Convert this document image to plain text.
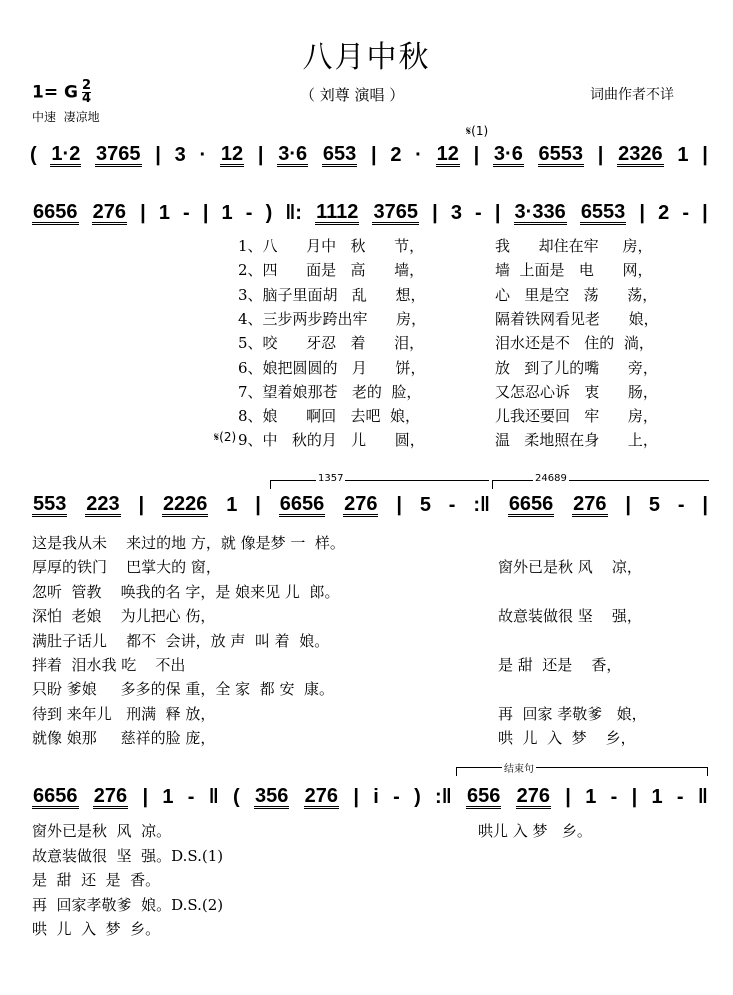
八月中秋
1= G $\frac{2}{4}$
中速  凄凉地
（ 刘尊 演唱 ）	词曲作者不详
𝄋(1)
𝄋(2)
1357	24689
结束句
( 1·2 3765 | 3 · 12 | 3·6 653 | 2 · 12 | 3·6 6553 | 2326 1 |
6656 276 | 1 - | 1 - ) ‖: 1112 3765 | 3 - | 3·336 6553 | 2 - |
553 223 | 2226 1 | 6656 276 | 5 - :‖ 6656 276 | 5 - |
6656 276 | 1 - ‖ ( 356 276 | i - ) :‖ 656 276 | 1 - | 1 - ‖
1、八      月中   秋      节，	我      却住在牢     房，
2、四      面是   高      墙，	墙  上面是   电      网，
3、脑子里面胡   乱      想，	心   里是空   荡      荡，
4、三步两步跨出牢      房，	隔着铁网看见老      娘，
5、咬      牙忍   着      泪，	泪水还是不   住的  淌，
6、娘把圆圆的   月      饼，	放   到了儿的嘴      旁，
7、望着娘那苍   老的  脸，	又怎忍心诉   衷      肠，
8、娘      啊回   去吧  娘，	儿我还要回   牢      房，
9、中   秋的月   儿      圆，	温   柔地照在身      上，
这是我从未    来过的地 方，就 像是梦 一  样。
厚厚的铁门    巴掌大的 窗，	窗外已是秋 风    凉，
忽听  管教    唤我的名 字，是 娘来见 儿  郎。
深怕  老娘    为儿把心 伤，	故意装做很 坚    强，
满肚子话儿    都不  会讲，放 声  叫 着  娘。
拌着  泪水我 吃    不出	是 甜  还是    香，
只盼 爹娘     多多的保 重，全 家  都 安  康。
待到 来年儿   刑满  释 放，	再  回家 孝敬爹   娘，
就像 娘那     慈祥的脸 庞，	哄  儿  入  梦    乡，
窗外已是秋  风  凉。	哄儿 入 梦   乡。
故意装做很  坚  强。D.S.(1)
是  甜  还  是  香。
再  回家孝敬爹  娘。D.S.(2)
哄  儿  入  梦  乡。
